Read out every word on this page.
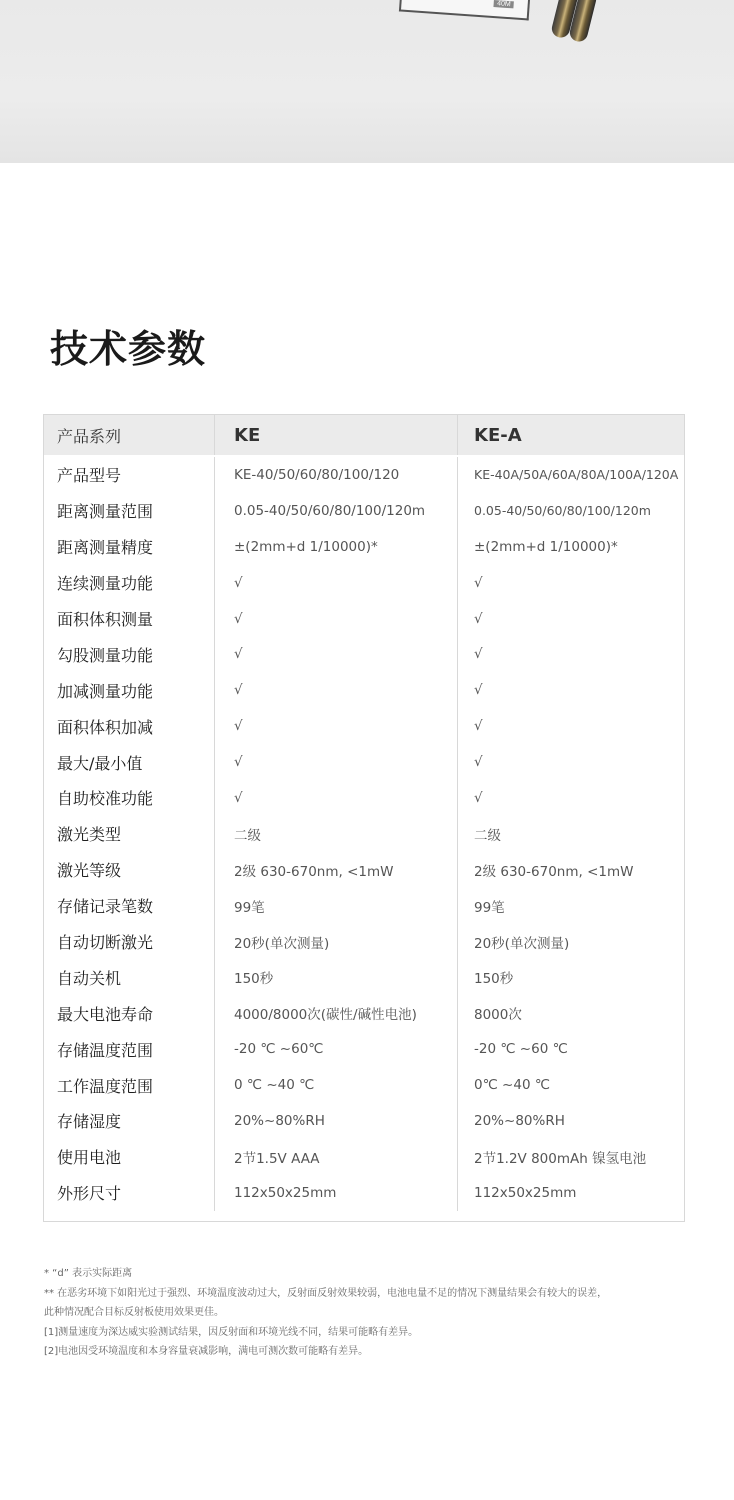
40M
技术参数
产品系列	KE	KE-A
产品型号	KE-40/50/60/80/100/120	KE-40A/50A/60A/80A/100A/120A
距离测量范围	0.05-40/50/60/80/100/120m	0.05-40/50/60/80/100/120m
距离测量精度	±(2mm+d 1/10000)*	±(2mm+d 1/10000)*
连续测量功能	√	√
面积体积测量	√	√
勾股测量功能	√	√
加减测量功能	√	√
面积体积加减	√	√
最大/最小值	√	√
自助校准功能	√	√
激光类型	二级	二级
激光等级	2级 630-670nm, <1mW	2级 630-670nm, <1mW
存储记录笔数	99笔	99笔
自动切断激光	20秒(单次测量)	20秒(单次测量)
自动关机	150秒	150秒
最大电池寿命	4000/8000次(碳性/碱性电池)	8000次
存储温度范围	-20 ℃ ~60℃	-20 ℃ ~60 ℃
工作温度范围	0 ℃ ~40 ℃	0℃ ~40 ℃
存储湿度	20%~80%RH	20%~80%RH
使用电池	2节1.5V AAA	2节1.2V 800mAh 镍氢电池
外形尺寸	112x50x25mm	112x50x25mm
* “d” 表示实际距离
** 在恶劣环境下如阳光过于强烈、环境温度波动过大，反射面反射效果较弱，电池电量不足的情况下测量结果会有较大的误差，
此种情况配合目标反射板使用效果更佳。
[1]测量速度为深达威实验测试结果，因反射面和环境光线不同，结果可能略有差异。
[2]电池因受环境温度和本身容量衰减影响，满电可测次数可能略有差异。
